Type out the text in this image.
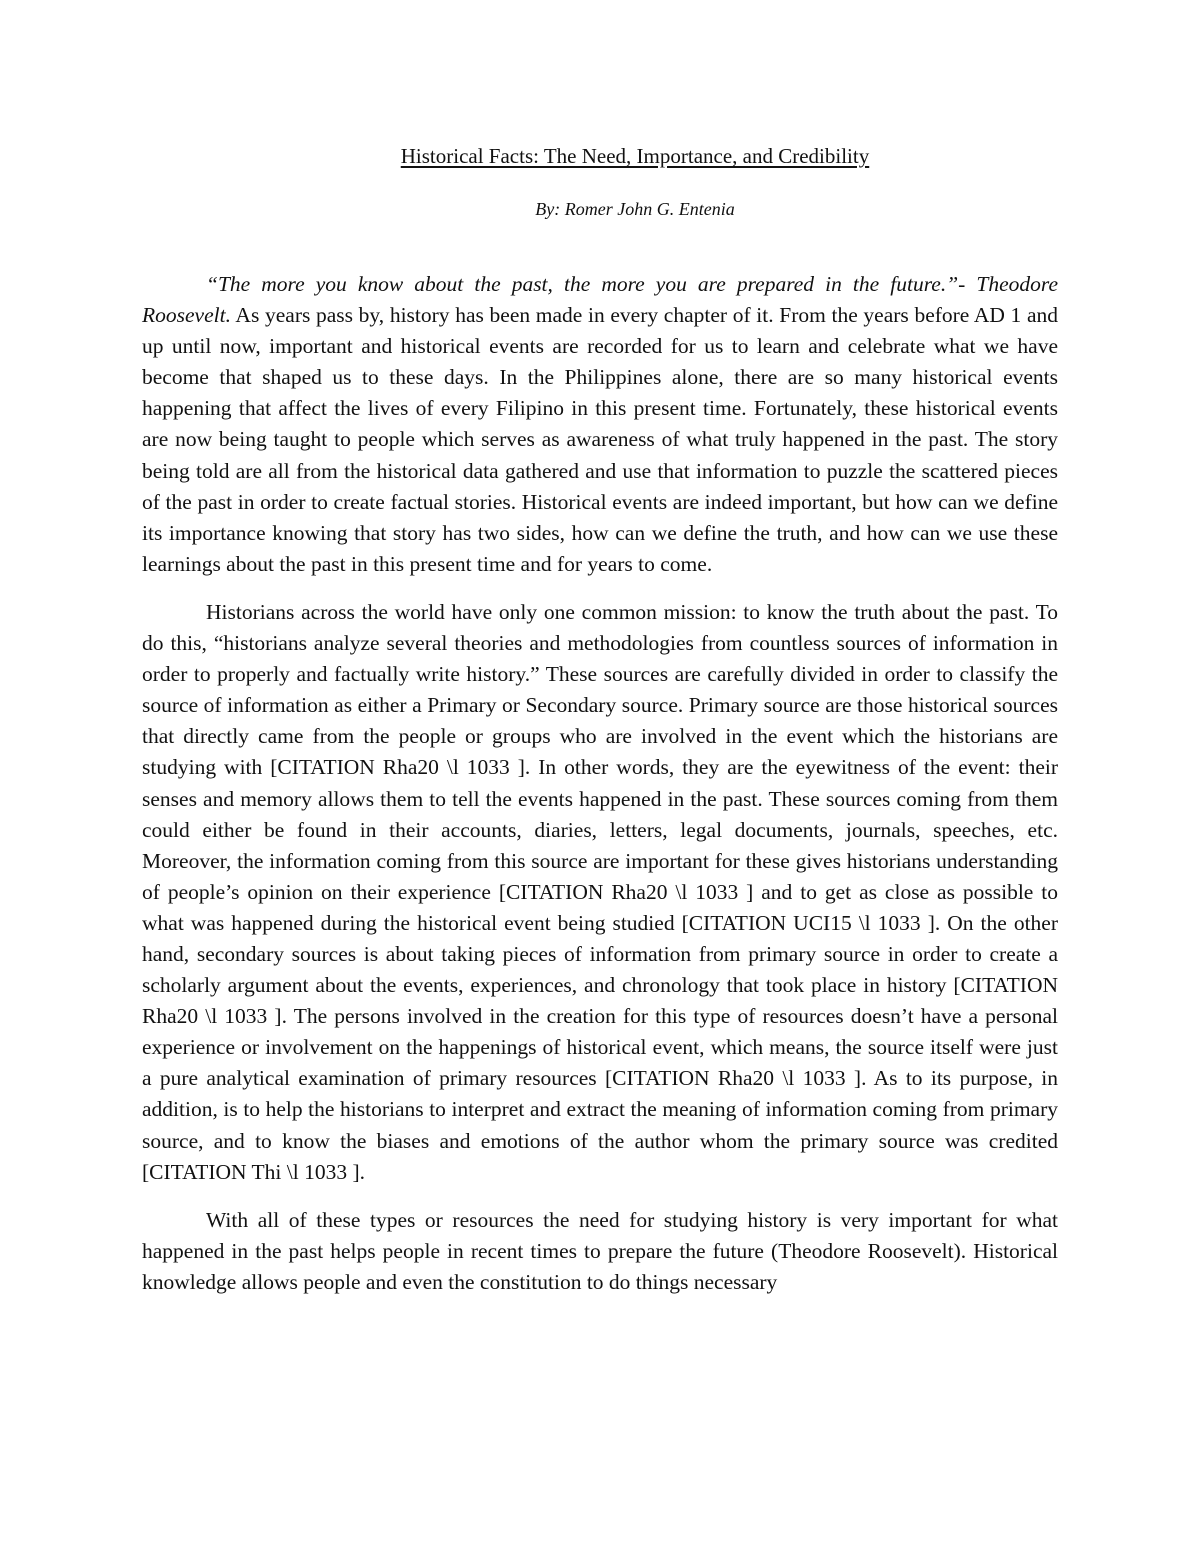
Historical Facts: The Need, Importance, and Credibility

By: Romer John G. Entenia

“The more you know about the past, the more you are prepared in the future.”- Theodore Roosevelt. As years pass by, history has been made in every chapter of it. From the years before AD 1 and up until now, important and historical events are recorded for us to learn and celebrate what we have become that shaped us to these days. In the Philippines alone, there are so many historical events happening that affect the lives of every Filipino in this present time. Fortunately, these historical events are now being taught to people which serves as awareness of what truly happened in the past. The story being told are all from the historical data gathered and use that information to puzzle the scattered pieces of the past in order to create factual stories. Historical events are indeed important, but how can we define its importance knowing that story has two sides, how can we define the truth, and how can we use these learnings about the past in this present time and for years to come.

Historians across the world have only one common mission: to know the truth about the past. To do this, “historians analyze several theories and methodologies from countless sources of information in order to properly and factually write history.” These sources are carefully divided in order to classify the source of information as either a Primary or Secondary source. Primary source are those historical sources that directly came from the people or groups who are involved in the event which the historians are studying with [CITATION Rha20 \l 1033 ]. In other words, they are the eyewitness of the event: their senses and memory allows them to tell the events happened in the past. These sources coming from them could either be found in their accounts, diaries, letters, legal documents, journals, speeches, etc. Moreover, the information coming from this source are important for these gives historians understanding of people’s opinion on their experience [CITATION Rha20 \l 1033 ] and to get as close as possible to what was happened during the historical event being studied [CITATION UCI15 \l 1033 ]. On the other hand, secondary sources is about taking pieces of information from primary source in order to create a scholarly argument about the events, experiences, and chronology that took place in history [CITATION Rha20 \l 1033 ]. The persons involved in the creation for this type of resources doesn’t have a personal experience or involvement on the happenings of historical event, which means, the source itself were just a pure analytical examination of primary resources [CITATION Rha20 \l 1033 ]. As to its purpose, in addition, is to help the historians to interpret and extract the meaning of information coming from primary source, and to know the biases and emotions of the author whom the primary source was credited [CITATION Thi \l 1033 ].

With all of these types or resources the need for studying history is very important for what happened in the past helps people in recent times to prepare the future (Theodore Roosevelt). Historical knowledge allows people and even the constitution to do things necessary
